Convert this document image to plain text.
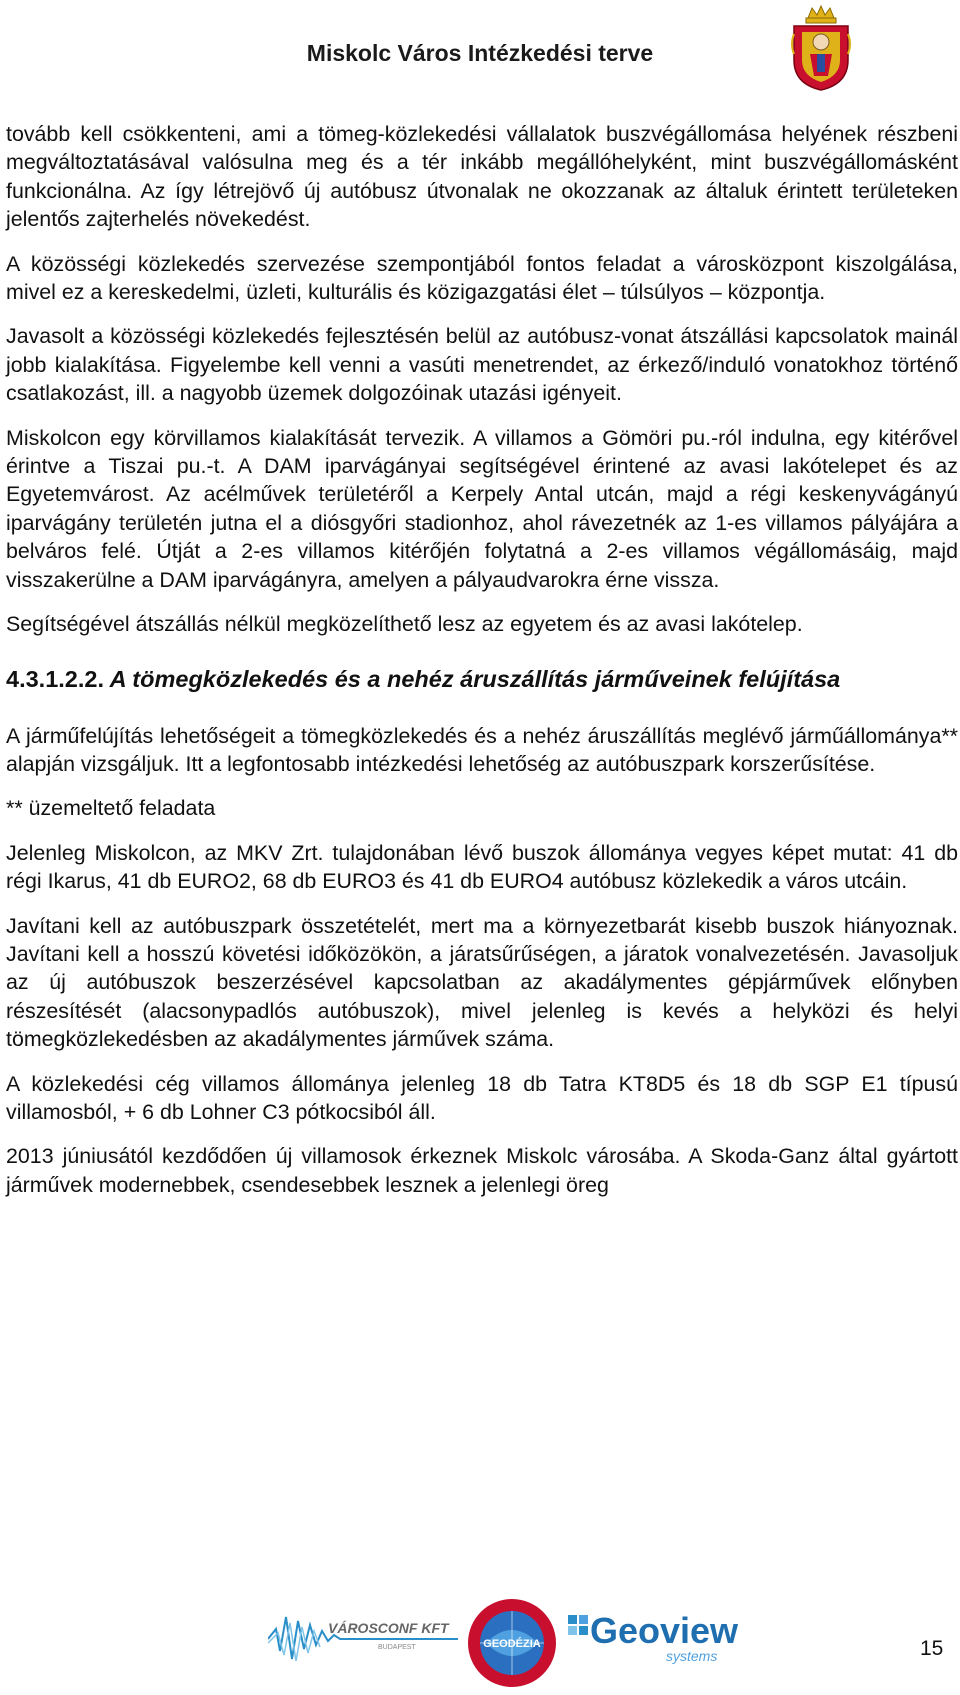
Miskolc Város Intézkedési terve

tovább kell csökkenteni, ami a tömeg-közlekedési vállalatok buszvégállomása helyének részbeni megváltoztatásával valósulna meg és a tér inkább megállóhelyként, mint buszvégállomásként funkcionálna. Az így létrejövő új autóbusz útvonalak ne okozzanak az általuk érintett területeken jelentős zajterhelés növekedést.

A közösségi közlekedés szervezése szempontjából fontos feladat a városközpont kiszolgálása, mivel ez a kereskedelmi, üzleti, kulturális és közigazgatási élet – túlsúlyos – központja.

Javasolt a közösségi közlekedés fejlesztésén belül az autóbusz-vonat átszállási kapcsolatok mainál jobb kialakítása. Figyelembe kell venni a vasúti menetrendet, az érkező/induló vonatokhoz történő csatlakozást, ill. a nagyobb üzemek dolgozóinak utazási igényeit.

Miskolcon egy körvillamos kialakítását tervezik. A villamos a Gömöri pu.-ról indulna, egy kitérővel érintve a Tiszai pu.-t. A DAM iparvágányai segítségével érintené az avasi lakótelepet és az Egyetemvárost. Az acélművek területéről a Kerpely Antal utcán, majd a régi keskenyvágányú iparvágány területén jutna el a diósgyőri stadionhoz, ahol rávezetnék az 1-es villamos pályájára a belváros felé. Útját a 2-es villamos kitérőjén folytatná a 2-es villamos végállomásáig, majd visszakerülne a DAM iparvágányra, amelyen a pályaudvarokra érne vissza.

Segítségével átszállás nélkül megközelíthető lesz az egyetem és az avasi lakótelep.

4.3.1.2.2. A tömegközlekedés és a nehéz áruszállítás járműveinek felújítása

A járműfelújítás lehetőségeit a tömegközlekedés és a nehéz áruszállítás meglévő járműállománya** alapján vizsgáljuk. Itt a legfontosabb intézkedési lehetőség az autóbuszpark korszerűsítése.

** üzemeltető feladata

Jelenleg Miskolcon, az MKV Zrt. tulajdonában lévő buszok állománya vegyes képet mutat: 41 db régi Ikarus, 41 db EURO2, 68 db EURO3 és 41 db EURO4 autóbusz közlekedik a város utcáin.

Javítani kell az autóbuszpark összetételét, mert ma a környezetbarát kisebb buszok hiányoznak. Javítani kell a hosszú követési időközökön, a járatsűrűségen, a járatok vonalvezetésén. Javasoljuk az új autóbuszok beszerzésével kapcsolatban az akadálymentes gépjárművek előnyben részesítését (alacsonypadlós autóbuszok), mivel jelenleg is kevés a helyközi és helyi tömegközlekedésben az akadálymentes járművek száma.

A közlekedési cég villamos állománya jelenleg 18 db Tatra KT8D5 és 18 db SGP E1 típusú villamosból, + 6 db Lohner C3 pótkocsiból áll.

2013 júniusától kezdődően új villamosok érkeznek Miskolc városába. A Skoda-Ganz által gyártott járművek modernebbek, csendesebbek lesznek a jelenlegi öreg

VÁROSCONF KFT
BUDAPEST	GEODÉZIA Geoview
systems	15
